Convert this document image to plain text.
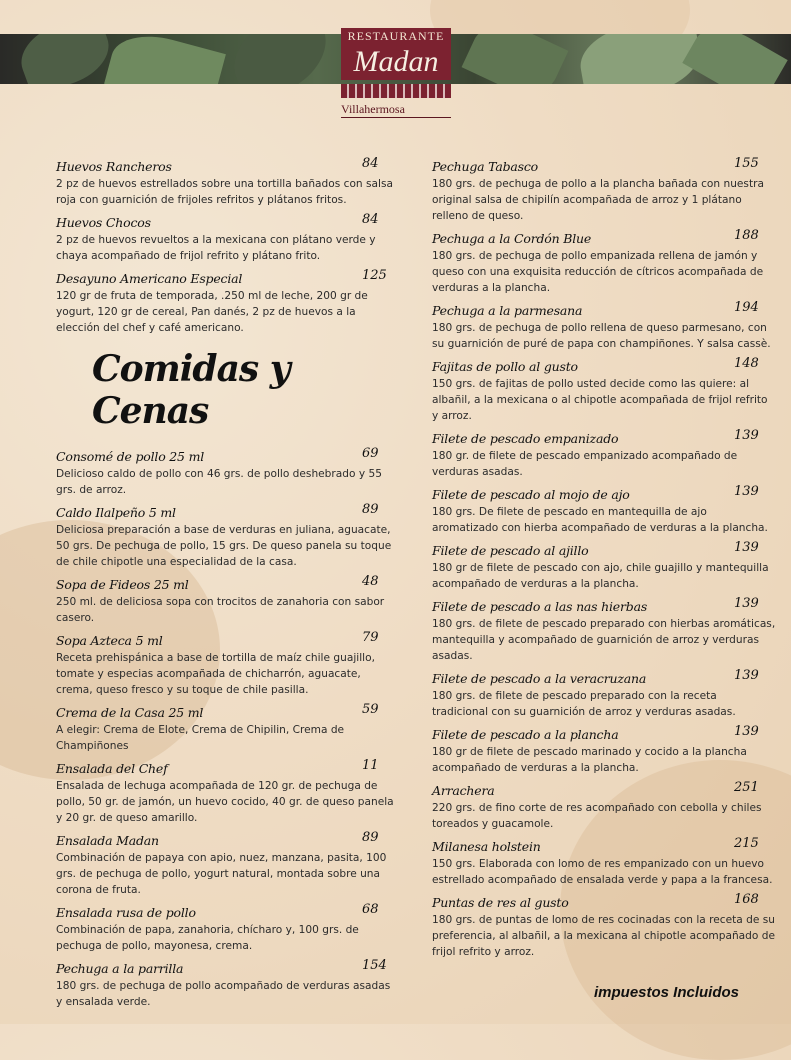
RESTAURANTE
Madan
Villahermosa
Huevos Rancheros	84
2 pz de huevos estrellados sobre una tortilla bañados con salsa roja con guarnición de frijoles refritos y plátanos fritos.
Huevos Chocos	84
2 pz de huevos revueltos a la mexicana con plátano verde y chaya acompañado de frijol refrito y plátano frito.
Desayuno Americano Especial	125
120 gr de fruta de temporada, .250 ml de leche, 200 gr de yogurt, 120 gr de cereal, Pan danés, 2 pz de huevos a la elección del chef y café americano.
Comidas y Cenas
Consomé de pollo 25 ml	69
Delicioso caldo de pollo con 46 grs. de pollo deshebrado y 55 grs. de arroz.
Caldo Ilalpeño 5 ml	89
Deliciosa preparación a base de verduras en juliana, aguacate, 50 grs. De pechuga de pollo, 15 grs. De queso panela su toque de chile chipotle una especialidad de la casa.
Sopa de Fideos 25 ml	48
250 ml. de deliciosa sopa con trocitos de zanahoria con sabor casero.
Sopa Azteca 5 ml	79
Receta prehispánica a base de tortilla de maíz chile guajillo, tomate y especias acompañada de chicharrón, aguacate, crema, queso fresco y su toque de chile pasilla.
Crema de la Casa 25 ml	59
A elegir: Crema de Elote, Crema de Chipilin, Crema de Champiñones
Ensalada del Chef	11
Ensalada de lechuga acompañada de 120 gr. de pechuga de pollo, 50 gr. de jamón, un huevo cocido, 40 gr. de queso panela y 20 gr. de queso amarillo.
Ensalada Madan	89
Combinación de papaya con apio, nuez, manzana, pasita, 100 grs. de pechuga de pollo, yogurt natural, montada sobre una corona de fruta.
Ensalada rusa de pollo	68
Combinación de papa, zanahoria, chícharo y, 100 grs. de pechuga de pollo, mayonesa, crema.
Pechuga a la parrilla	154
180 grs. de pechuga de pollo acompañado de verduras asadas y ensalada verde.
Pechuga Tabasco	155
180 grs. de pechuga de pollo a la plancha bañada con nuestra original salsa de chipilín acompañada de arroz y 1 plátano relleno de queso.
Pechuga a la Cordón Blue	188
180 grs. de pechuga de pollo empanizada rellena de jamón y queso con una exquisita reducción de cítricos acompañada de verduras a la plancha.
Pechuga a la parmesana	194
180 grs. de pechuga de pollo rellena de queso parmesano, con su guarnición de puré de papa con champiñones. Y salsa cassè.
Fajitas de pollo al gusto	148
150 grs. de fajitas de pollo usted decide como las quiere: al albañil, a la mexicana o al chipotle acompañada de frijol refrito y arroz.
Filete de pescado empanizado	139
180 gr. de filete de pescado empanizado acompañado de verduras asadas.
Filete de pescado al mojo de ajo	139
180 grs. De filete de pescado en mantequilla de ajo aromatizado con hierba acompañado de verduras a la plancha.
Filete de pescado al ajillo	139
180 gr de filete de pescado con ajo, chile guajillo y mantequilla acompañado de verduras a la plancha.
Filete de pescado a las nas hierbas	139
180 grs. de filete de pescado preparado con hierbas aromáticas, mantequilla y acompañado de guarnición de arroz y verduras asadas.
Filete de pescado a la veracruzana	139
180 grs. de filete de pescado preparado con la receta tradicional con su guarnición de arroz y verduras asadas.
Filete de pescado a la plancha	139
180 gr de filete de pescado marinado y cocido a la plancha acompañado de verduras a la plancha.
Arrachera	251
220 grs. de fino corte de res acompañado con cebolla y chiles toreados y guacamole.
Milanesa holstein	215
150 grs. Elaborada con lomo de res empanizado con un huevo estrellado acompañado de ensalada verde y papa a la francesa.
Puntas de res al gusto	168
180 grs. de puntas de lomo de res cocinadas con la receta de su preferencia, al albañil, a la mexicana al chipotle acompañado de frijol refrito y arroz.
impuestos Incluidos
